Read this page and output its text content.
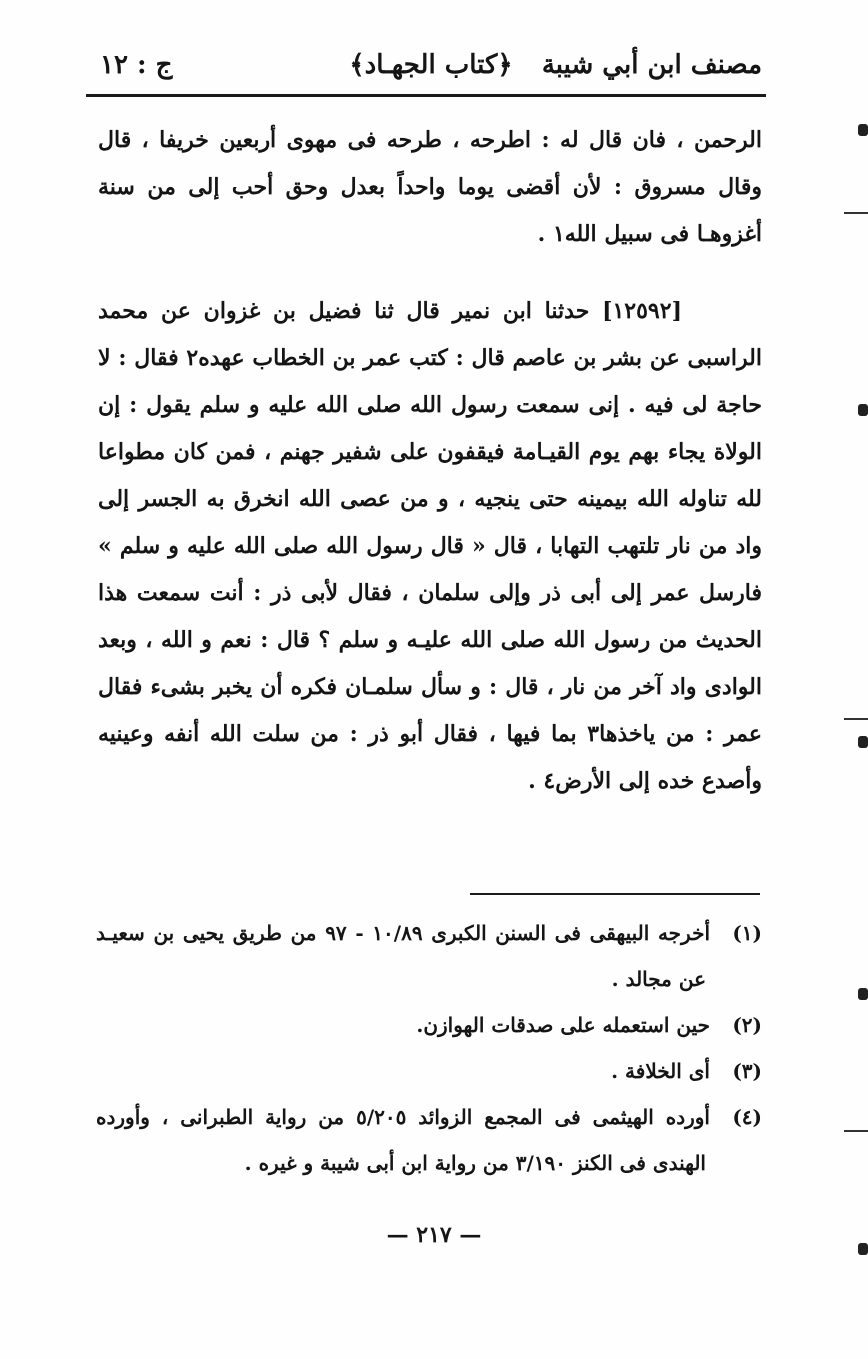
مصنف ابن أبي شيبة
﴿كتاب الجهـاد﴾
ج : ١٢

الرحمن ، فان قال له : اطرحه ، طرحه فى مهوى أربعين خريفا ، قال وقال مسروق : لأن أقضى يوما واحداً بعدل وحق أحب إلى من سنة أغزوهـا فى سبيل الله١ .

[١٢٥٩٢] حدثنا ابن نمير قال ثنا فضيل بن غزوان عن محمد الراسبى عن بشر بن عاصم قال : كتب عمر بن الخطاب عهده٢ فقال : لا حاجة لى فيه . إنى سمعت رسول الله صلى الله عليه و سلم يقول : إن الولاة يجاء بهم يوم القيـامة فيقفون على شفير جهنم ، فمن كان مطواعا لله تناوله الله بيمينه حتى ينجيه ، و من عصى الله انخرق به الجسر إلى واد من نار تلتهب التهابا ، قال « قال رسول الله صلى الله عليه و سلم » فارسل عمر إلى أبى ذر وإلى سلمان ، فقال لأبى ذر : أنت سمعت هذا الحديث من رسول الله صلى الله عليـه و سلم ؟ قال : نعم و الله ، وبعد الوادى واد آخر من نار ، قال : و سأل سلمـان فكره أن يخبر بشىء فقال عمر : من ياخذها٣ بما فيها ، فقال أبو ذر : من سلت الله أنفه وعينيه وأصدع خده إلى الأرض٤ .

(١)أخرجه البيهقى فى السنن الكبرى ١٠/٨٩ - ٩٧ من طريق يحيى بن سعيـد عن مجالد .

(٢)حين استعمله على صدقات الهوازن.

(٣)أى الخلافة .

(٤)أورده الهيثمى فى المجمع الزوائد ٥/٢٠٥ من رواية الطبرانى ، وأورده الهندى فى الكنز ٣/١٩٠ من رواية ابن أبى شيبة و غيره .

— ٢١٧ —
